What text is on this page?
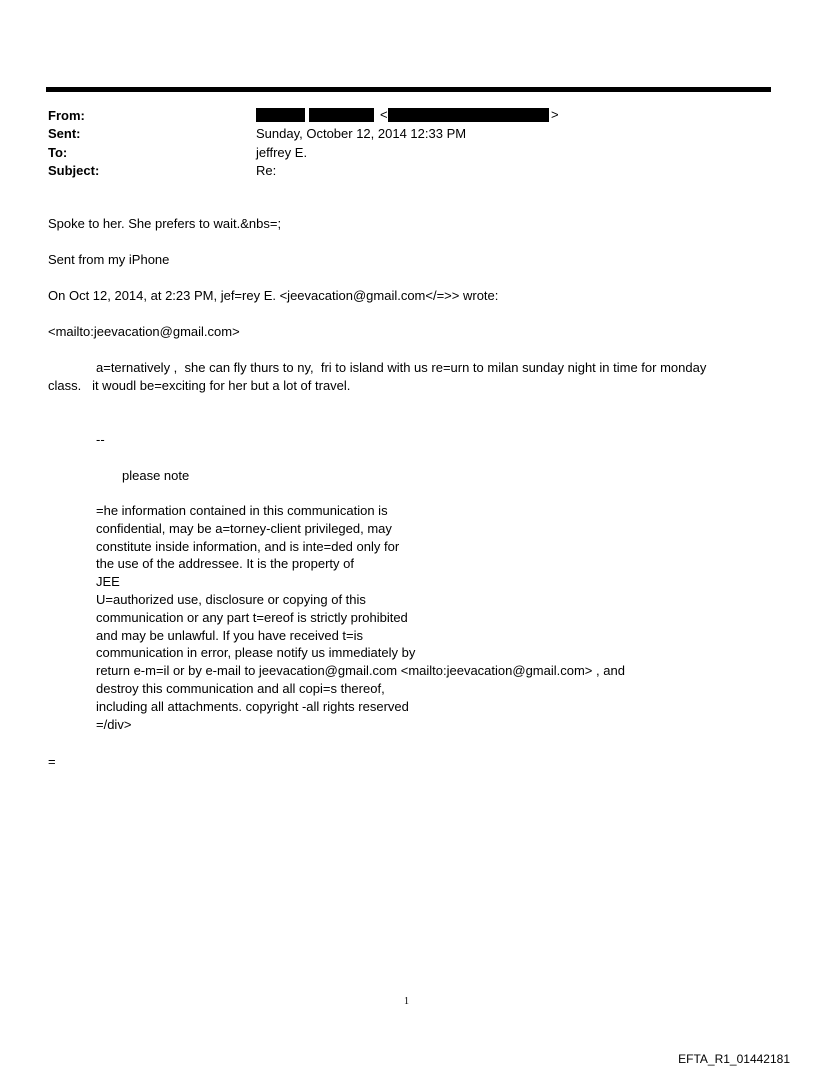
From:	<	>
Sent:	Sunday, October 12, 2014 12:33 PM
To:	jeffrey E.
Subject:	Re:
Spoke to her. She prefers to wait.&nbs=;
Sent from my iPhone
On Oct 12, 2014, at 2:23 PM, jef=rey E. <jeevacation@gmail.com</=>> wrote:
<mailto:jeevacation@gmail.com>
a=ternatively ,  she can fly thurs to ny,  fri to island with us re=urn to milan sunday night in time for monday
class.   it woudl be=exciting for her but a lot of travel.
--
please note
=he information contained in this communication is
confidential, may be a=torney-client privileged, may
constitute inside information, and is inte=ded only for
the use of the addressee. It is the property of
JEE
U=authorized use, disclosure or copying of this
communication or any part t=ereof is strictly prohibited
and may be unlawful. If you have received t=is
communication in error, please notify us immediately by
return e-m=il or by e-mail to jeevacation@gmail.com <mailto:jeevacation@gmail.com> , and
destroy this communication and all copi=s thereof,
including all attachments. copyright -all rights reserved
=/div>
=
1
EFTA_R1_01442181
